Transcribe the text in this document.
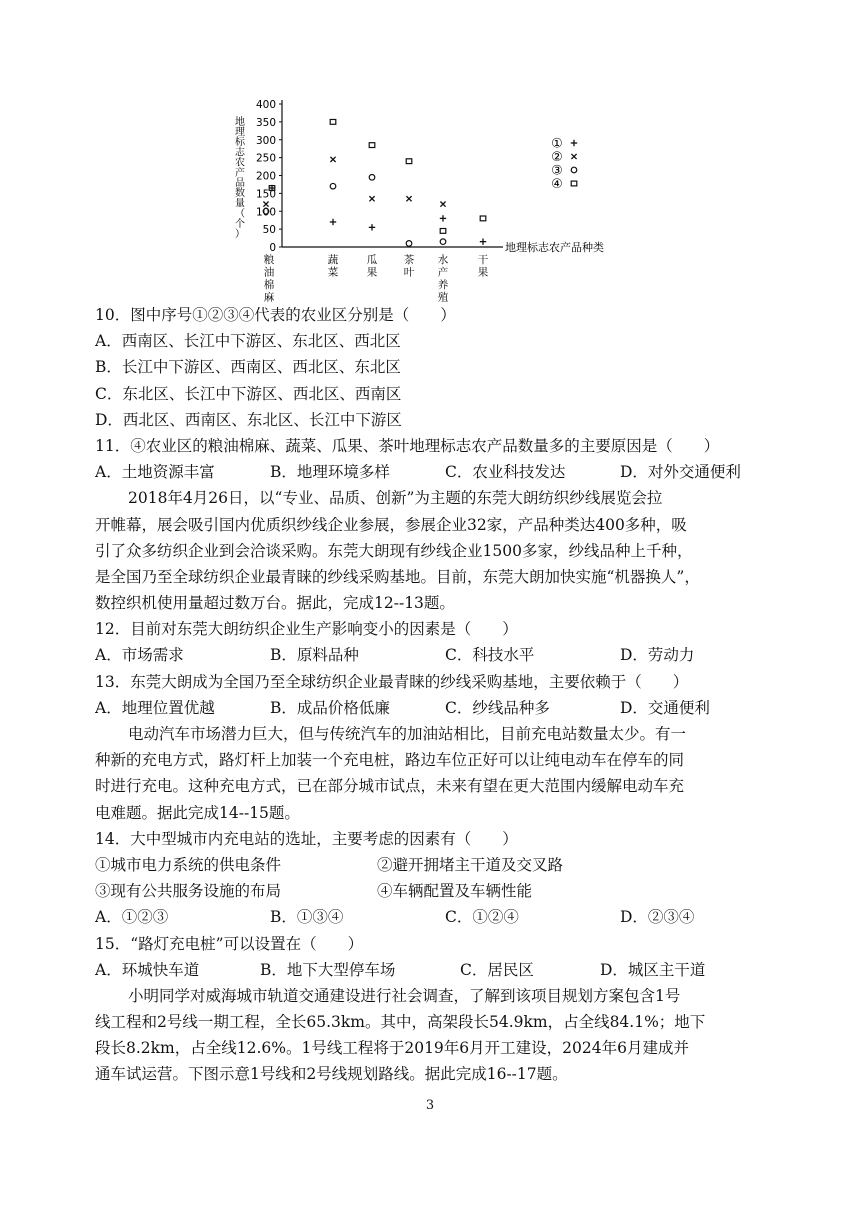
地
理
标
志
农
产
品
数
量
（
个
）
0
50
100
150
200
250
300
350
400
粮
油
棉
麻
蔬
菜
瓜
果
茶
叶
水
产
养
殖
干
果
①
②
③
④
地理标志农产品种类
10．图中序号①②③④代表的农业区分别是（　　）
A．西南区、长江中下游区、东北区、西北区
B．长江中下游区、西南区、西北区、东北区
C．东北区、长江中下游区、西北区、西南区
D．西北区、西南区、东北区、长江中下游区
11．④农业区的粮油棉麻、蔬菜、瓜果、茶叶地理标志农产品数量多的主要原因是（　　）
A．土地资源丰富	B．地理环境多样	C．农业科技发达	D．对外交通便利
2018年4月26日，以“专业、品质、创新”为主题的东莞大朗纺织纱线展览会拉
开帷幕，展会吸引国内优质织纱线企业参展，参展企业32家，产品种类达400多种，吸
引了众多纺织企业到会洽谈采购。东莞大朗现有纱线企业1500多家，纱线品种上千种，
是全国乃至全球纺织企业最青睐的纱线采购基地。目前，东莞大朗加快实施“机器换人”，
数控织机使用量超过数万台。据此，完成12--13题。
12．目前对东莞大朗纺织企业生产影响变小的因素是（　　）
A．市场需求	B．原料品种	C．科技水平	D．劳动力
13．东莞大朗成为全国乃至全球纺织企业最青睐的纱线采购基地，主要依赖于（　　）
A．地理位置优越	B．成品价格低廉	C．纱线品种多	D．交通便利
电动汽车市场潜力巨大，但与传统汽车的加油站相比，目前充电站数量太少。有一
种新的充电方式，路灯杆上加装一个充电桩，路边车位正好可以让纯电动车在停车的同
时进行充电。这种充电方式，已在部分城市试点，未来有望在更大范围内缓解电动车充
电难题。据此完成14--15题。
14．大中型城市内充电站的选址，主要考虑的因素有（　　）
①城市电力系统的供电条件	②避开拥堵主干道及交叉路
③现有公共服务设施的布局	④车辆配置及车辆性能
A．①②③	B．①③④	C．①②④	D．②③④
15．“路灯充电桩”可以设置在（　　）
A．环城快车道	B．地下大型停车场	C．居民区	D．城区主干道
小明同学对威海城市轨道交通建设进行社会调查，了解到该项目规划方案包含1号
线工程和2号线一期工程，全长65.3km。其中，高架段长54.9km，占全线84.1%；地下
段长8.2km，占全线12.6%。1号线工程将于2019年6月开工建设，2024年6月建成并
通车试运营。下图示意1号线和2号线规划路线。据此完成16--17题。
3
